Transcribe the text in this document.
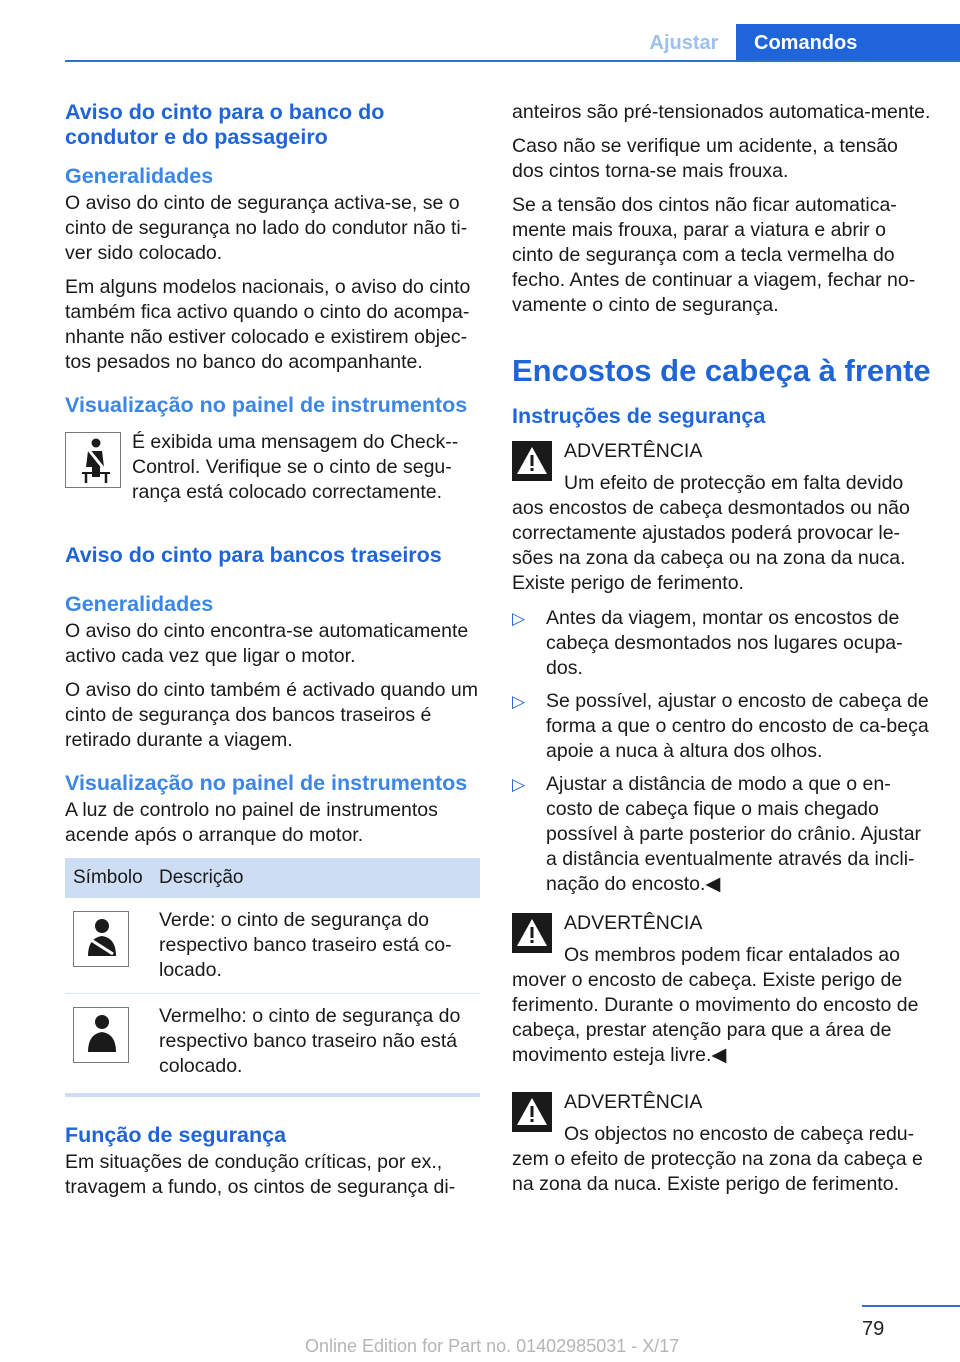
Ajustar	Comandos
Aviso do cinto para o banco do condutor e do passageiro
Generalidades

O aviso do cinto de segurança activa-se, se o cinto de segurança no lado do condutor não ti-ver sido colocado.

Em alguns modelos nacionais, o aviso do cinto também fica activo quando o cinto do acompa-nhante não estiver colocado e existirem objec-tos pesados no banco do acompanhante.

Visualização no painel de instrumentos

É exibida uma mensagem do Check--Control. Verifique se o cinto de segu-rança está colocado correctamente.

Aviso do cinto para bancos traseiros
Generalidades

O aviso do cinto encontra-se automaticamente activo cada vez que ligar o motor.

O aviso do cinto também é activado quando um cinto de segurança dos bancos traseiros é retirado durante a viagem.

Visualização no painel de instrumentos

A luz de controlo no painel de instrumentos acende após o arranque do motor.

Símbolo	Descrição

	Verde: o cinto de segurança do respectivo banco traseiro está co-locado.

	Vermelho: o cinto de segurança do respectivo banco traseiro não está colocado.
Função de segurança

Em situações de condução críticas, por ex., travagem a fundo, os cintos de segurança di-

anteiros são pré-tensionados automatica-mente.

Caso não se verifique um acidente, a tensão dos cintos torna-se mais frouxa.

Se a tensão dos cintos não ficar automatica-mente mais frouxa, parar a viatura e abrir o cinto de segurança com a tecla vermelha do fecho. Antes de continuar a viagem, fechar no-vamente o cinto de segurança.

Encostos de cabeça à frente
Instruções de segurança

ADVERTÊNCIA

Um efeito de protecção em falta devido

aos encostos de cabeça desmontados ou não correctamente ajustados poderá provocar le-sões na zona da cabeça ou na zona da nuca. Existe perigo de ferimento.

▷ Antes da viagem, montar os encostos de cabeça desmontados nos lugares ocupa-dos.
▷ Se possível, ajustar o encosto de cabeça de forma a que o centro do encosto de ca-beça apoie a nuca à altura dos olhos.
▷ Ajustar a distância de modo a que o en-costo de cabeça fique o mais chegado possível à parte posterior do crânio. Ajustar a distância eventualmente através da incli-nação do encosto.◀

ADVERTÊNCIA

Os membros podem ficar entalados ao

mover o encosto de cabeça. Existe perigo de ferimento. Durante o movimento do encosto de cabeça, prestar atenção para que a área de movimento esteja livre.◀

ADVERTÊNCIA

Os objectos no encosto de cabeça redu-

zem o efeito de protecção na zona da cabeça e na zona da nuca. Existe perigo de ferimento.

79
Online Edition for Part no. 01402985031 - X/17
